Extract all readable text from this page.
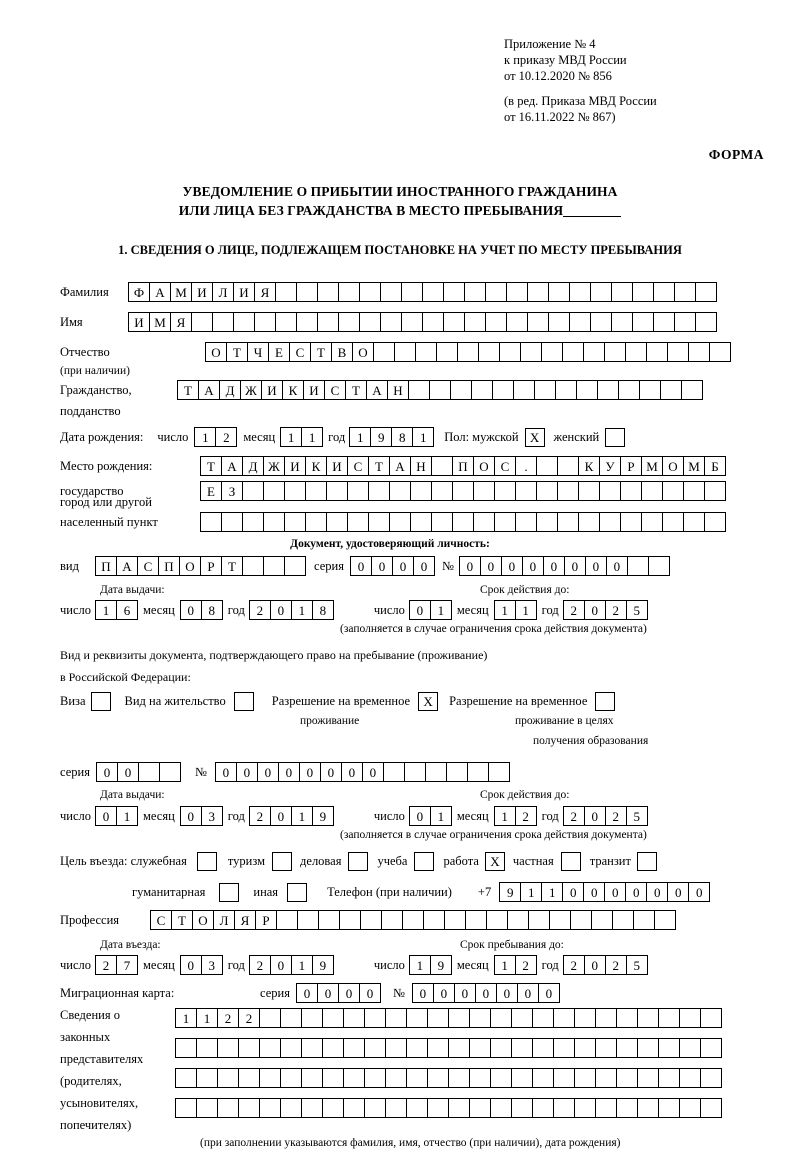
Приложение № 4
к приказу МВД России
от 10.12.2020 № 856
(в ред. Приказа МВД России
от 16.11.2022 № 867)
ФОРМА
УВЕДОМЛЕНИЕ О ПРИБЫТИИ ИНОСТРАННОГО ГРАЖДАНИНА
ИЛИ ЛИЦА БЕЗ ГРАЖДАНСТВА В МЕСТО ПРЕБЫВАНИЯ
1. СВЕДЕНИЯ О ЛИЦЕ, ПОДЛЕЖАЩЕМ ПОСТАНОВКЕ НА УЧЕТ ПО МЕСТУ ПРЕБЫВАНИЯ
Фамилия	Ф А М И Л И Я
Имя	И М Я
Отчество	О Т Ч Е С Т В О
(при наличии)
Гражданство,	Т А Д Ж И К И С Т А Н
подданство
Дата рождения: число	1	2	месяц 1	1	год 1	9	8	1	Пол: мужской Х	женский
Место рождения:	Т А Д Ж И К И С Т А Н	П О С	.	К У Р М О М Б
государство	Е	З
город или другой
населенный пункт
Документ, удостоверяющий личность:
вид	П А С П О Р	Т	серия	0	0	0	0	№ 0	0	0	0	0	0	0	0
Дата выдачи:	Срок действия до:
число 1	6	месяц 0	8	год 2	0	1	8	число 0	1	месяц 1	1	год 2	0	2	5
(заполняется в случае ограничения срока действия документа)
Вид и реквизиты документа, подтверждающего право на пребывание (проживание)
в Российской Федерации:
Виза	Вид на жительство	Разрешение на временное	Х	Разрешение на временное
проживание	проживание в целях
получения образования
серия	0	0	№	0	0	0	0	0	0	0	0
Дата выдачи:	Срок действия до:
число 0	1	месяц 0	3	год 2	0	1	9	число 0	1	месяц 1	2	год 2	0	2	5
(заполняется в случае ограничения срока действия документа)
Цель въезда: служебная	туризм	деловая	учеба	работа Х	частная	транзит
гуманитарная	иная	Телефон (при наличии) +7	9	1	1	0	0	0	0	0	0	0
Профессия	С Т О Л Я	Р
Дата въезда:	Срок пребывания до:
число 2	7	месяц 0	3	год 2	0	1	9	число 1	9	месяц 1	2	год 2	0	2	5
Миграционная карта:	серия	0	0	0	0	№	0	0	0	0	0	0	0
Сведения о
законных
представителях
(родителях,
усыновителях,
попечителях)
1	1	2	2
(при заполнении указываются фамилия, имя, отчество (при наличии), дата рождения)
